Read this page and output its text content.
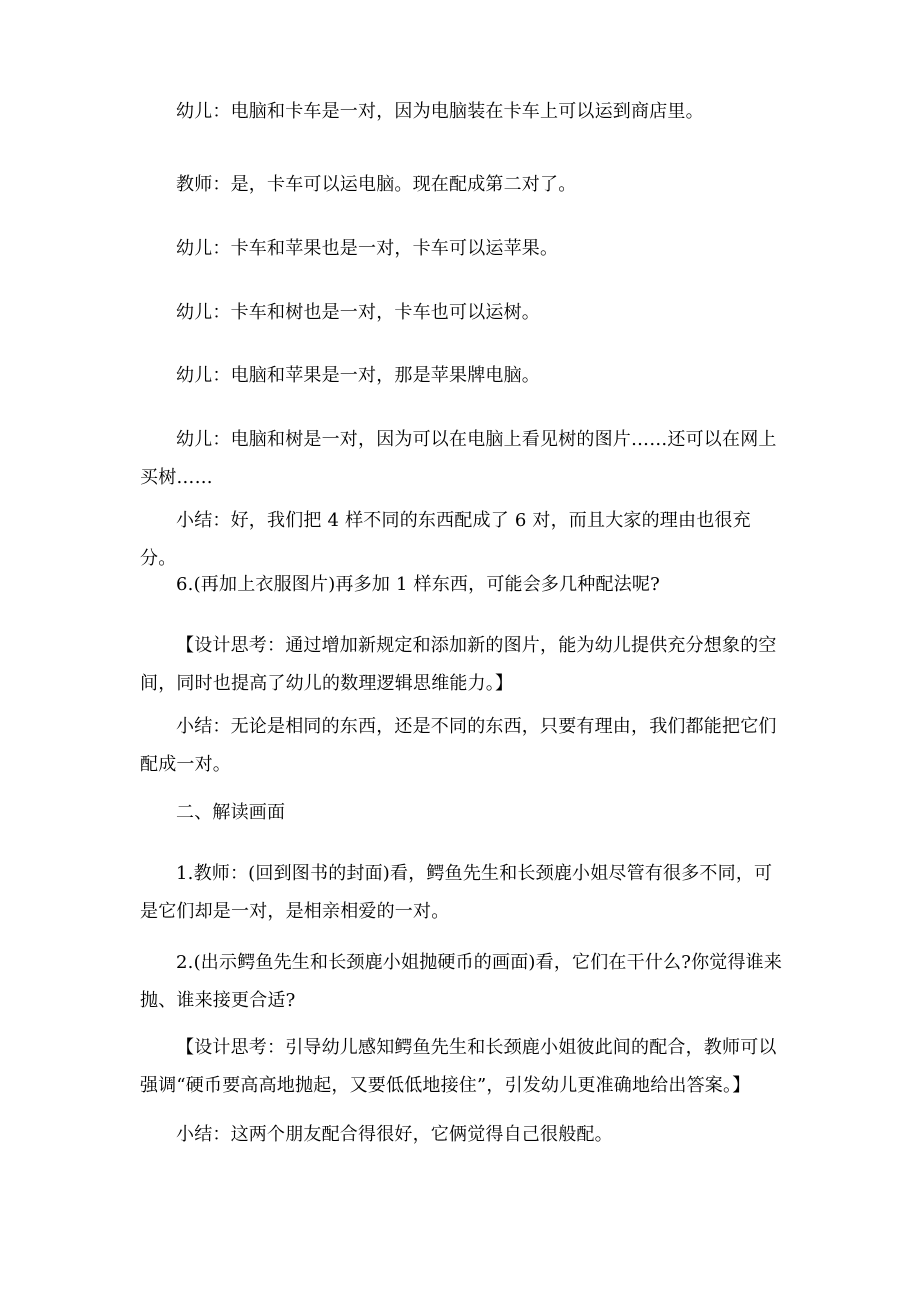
幼儿：电脑和卡车是一对，因为电脑装在卡车上可以运到商店里。

教师：是，卡车可以运电脑。现在配成第二对了。

幼儿：卡车和苹果也是一对，卡车可以运苹果。

幼儿：卡车和树也是一对，卡车也可以运树。

幼儿：电脑和苹果是一对，那是苹果牌电脑。

幼儿：电脑和树是一对，因为可以在电脑上看见树的图片……还可以在网上买树……

小结：好，我们把 4 样不同的东西配成了 6 对，而且大家的理由也很充分。

6.(再加上衣服图片)再多加 1 样东西，可能会多几种配法呢?

【设计思考：通过增加新规定和添加新的图片，能为幼儿提供充分想象的空间，同时也提高了幼儿的数理逻辑思维能力。】

小结：无论是相同的东西，还是不同的东西，只要有理由，我们都能把它们配成一对。

二、解读画面

1.教师：(回到图书的封面)看，鳄鱼先生和长颈鹿小姐尽管有很多不同，可是它们却是一对，是相亲相爱的一对。

2.(出示鳄鱼先生和长颈鹿小姐抛硬币的画面)看，它们在干什么?你觉得谁来抛、谁来接更合适?

【设计思考：引导幼儿感知鳄鱼先生和长颈鹿小姐彼此间的配合，教师可以强调“硬币要高高地抛起，又要低低地接住”，引发幼儿更准确地给出答案。】

小结：这两个朋友配合得很好，它俩觉得自己很般配。
